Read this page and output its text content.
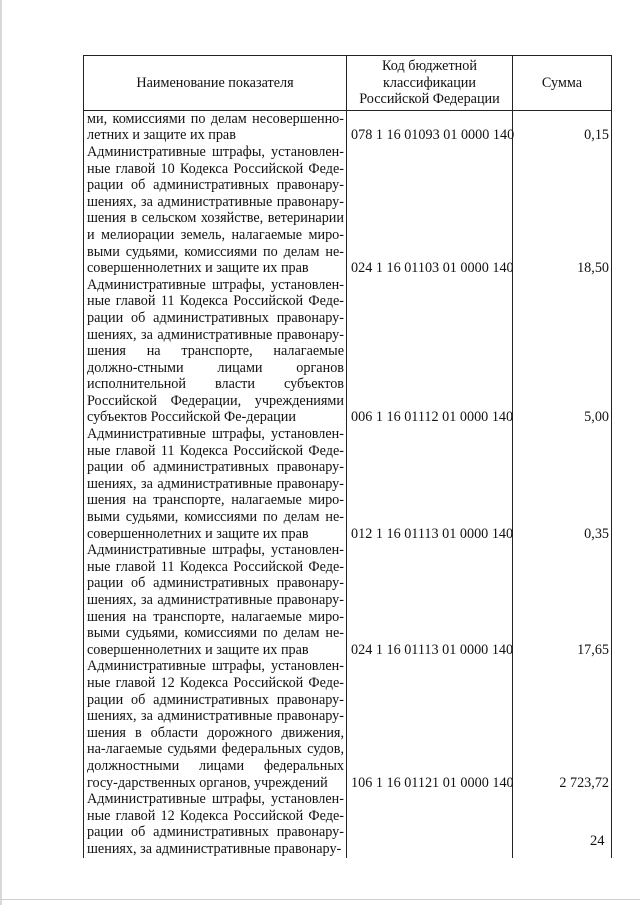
Наименование показателя	Код бюджетной классификации Российской Федерации	Сумма
ми, комиссиями по делам несовершенно-летних и защите их прав	078 1 16 01093 01 0000 140	0,15
Административные штрафы, установлен-ные главой 10 Кодекса Российской Феде-рации об административных правонару-шениях, за административные правонару-шения в сельском хозяйстве, ветеринарии и мелиорации земель, налагаемые миро-выми судьями, комиссиями по делам не-совершеннолетних и защите их прав	024 1 16 01103 01 0000 140	18,50
Административные штрафы, установлен-ные главой 11 Кодекса Российской Феде-рации об административных правонару-шениях, за административные правонару-шения на транспорте, налагаемые должно-стными лицами органов исполнительной власти субъектов Российской Федерации, учреждениями субъектов Российской Фе-дерации	006 1 16 01112 01 0000 140	5,00
Административные штрафы, установлен-ные главой 11 Кодекса Российской Феде-рации об административных правонару-шениях, за административные правонару-шения на транспорте, налагаемые миро-выми судьями, комиссиями по делам не-совершеннолетних и защите их прав	012 1 16 01113 01 0000 140	0,35
Административные штрафы, установлен-ные главой 11 Кодекса Российской Феде-рации об административных правонару-шениях, за административные правонару-шения на транспорте, налагаемые миро-выми судьями, комиссиями по делам не-совершеннолетних и защите их прав	024 1 16 01113 01 0000 140	17,65
Административные штрафы, установлен-ные главой 12 Кодекса Российской Феде-рации об административных правонару-шениях, за административные правонару-шения в области дорожного движения, на-лагаемые судьями федеральных судов, должностными лицами федеральных госу-дарственных органов, учреждений	106 1 16 01121 01 0000 140	2 723,72
Административные штрафы, установлен-ные главой 12 Кодекса Российской Феде-рации об административных правонару-шениях, за административные правонару-			24
